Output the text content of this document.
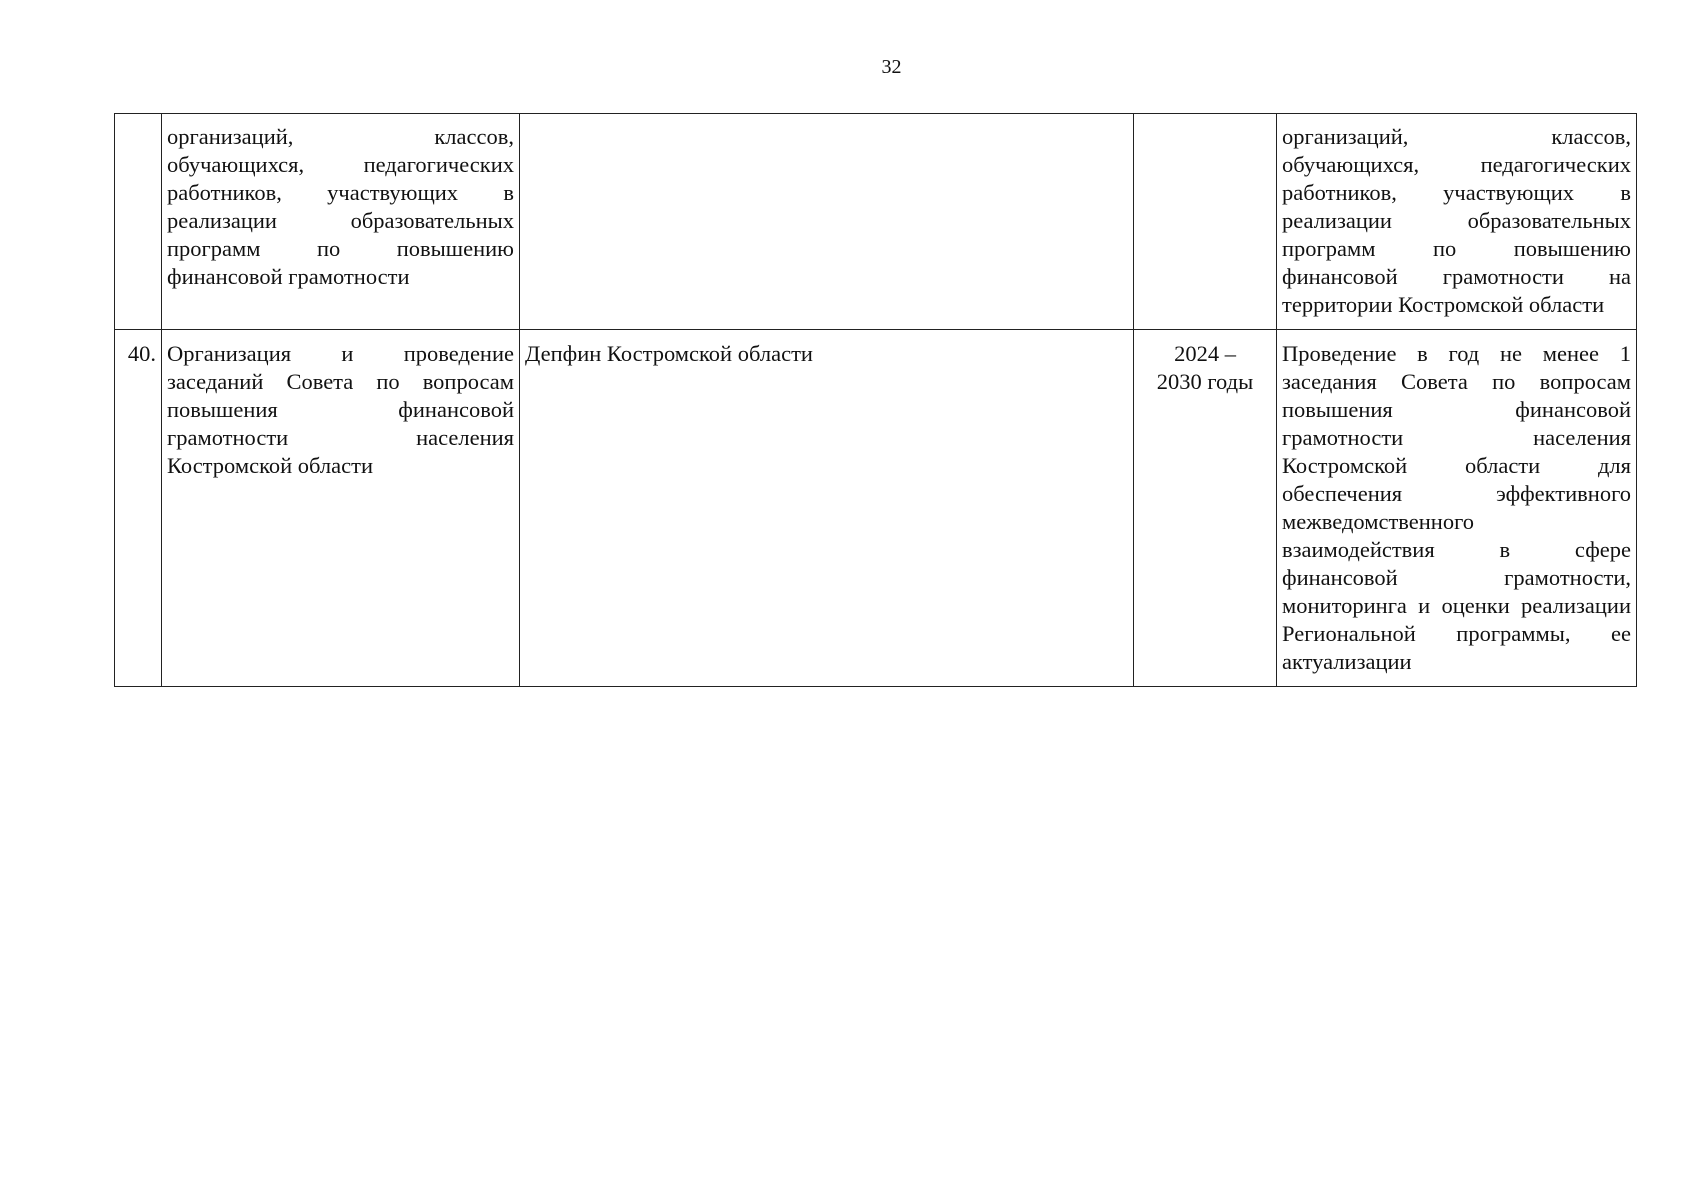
32
	организаций, классов, обучающихся, педагогических работников, участвующих в реализации образовательных программ по повышению финансовой грамотности			организаций, классов, обучающихся, педагогических работников, участвующих в реализации образовательных программ по повышению финансовой грамотности на территории Костромской области
40.	Организация и проведение заседаний Совета по вопросам повышения финансовой грамотности населения Костромской области	Депфин Костромской области	2024 –
2030 годы	Проведение в год не менее 1 заседания Совета по вопросам повышения финансовой грамотности населения Костромской области для обеспечения эффективного межведомственного взаимодействия в сфере финансовой грамотности, мониторинга и оценки реализации Региональной программы, ее актуализации
